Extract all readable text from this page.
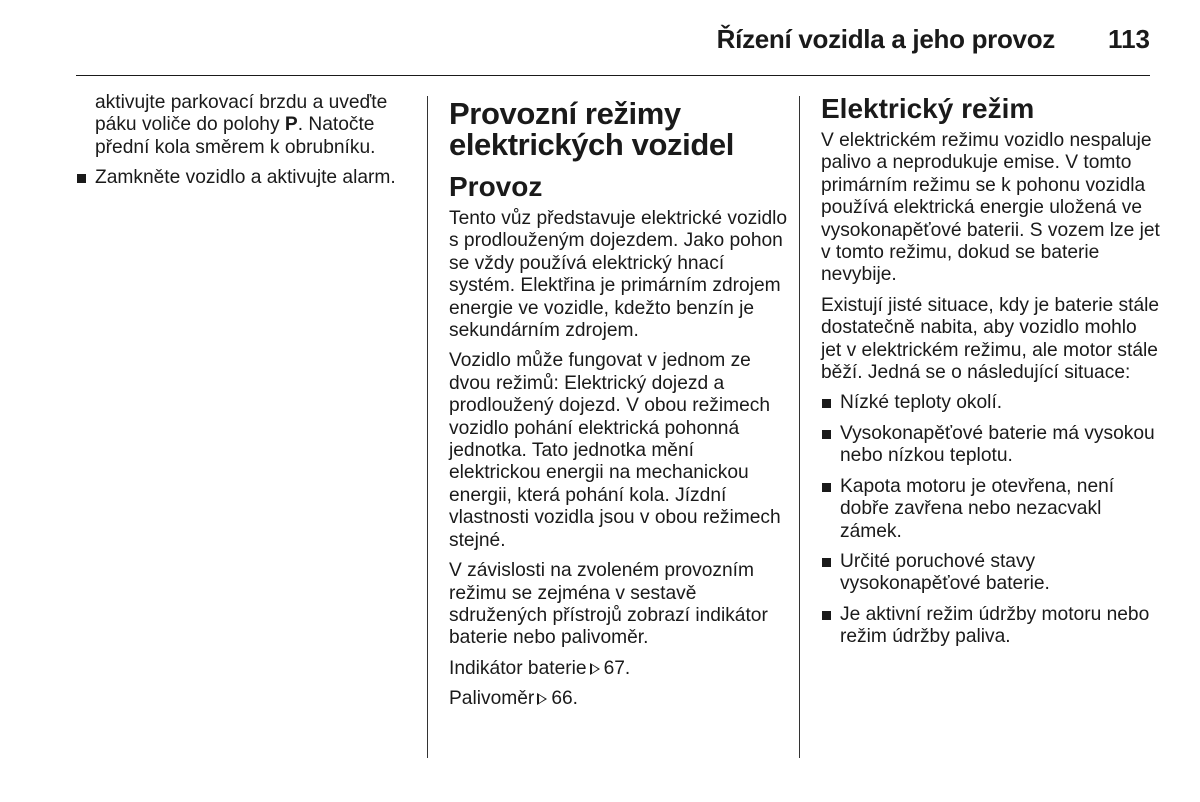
Řízení vozidla a jeho provoz 113

aktivujte parkovací brzdu a uveďte
páku voliče do polohy P. Natočte
přední kola směrem k obrubníku.

Zamkněte vozidlo a aktivujte alarm.
Provozní režimy elektrických vozidel
Provoz

Tento vůz představuje elektrické vozidlo s prodlouženým dojezdem. Jako pohon se vždy používá elektrický hnací systém. Elektřina je primárním zdrojem energie ve vozidle, kdežto benzín je sekundárním zdrojem.

Vozidlo může fungovat v jednom ze dvou režimů: Elektrický dojezd a prodloužený dojezd. V obou režimech vozidlo pohání elektrická pohonná jednotka. Tato jednotka mění elektrickou energii na mechanickou energii, která pohání kola. Jízdní vlastnosti vozidla jsou v obou režimech stejné.

V závislosti na zvoleném provozním režimu se zejména v sestavě sdružených přístrojů zobrazí indikátor baterie nebo palivoměr.

Indikátor baterie 67.

Palivoměr 66.

Elektrický režim

V elektrickém režimu vozidlo nespaluje palivo a neprodukuje emise. V tomto primárním režimu se k pohonu vozidla používá elektrická energie uložená ve vysokonapěťové baterii. S vozem lze jet v tomto režimu, dokud se baterie nevybije.

Existují jisté situace, kdy je baterie stále dostatečně nabita, aby vozidlo mohlo jet v elektrickém režimu, ale motor stále běží. Jedná se o následující situace:

Nízké teploty okolí.
Vysokonapěťové baterie má vysokou nebo nízkou teplotu.
Kapota motoru je otevřena, není dobře zavřena nebo nezacvakl zámek.
Určité poruchové stavy vysokonapěťové baterie.
Je aktivní režim údržby motoru nebo režim údržby paliva.
